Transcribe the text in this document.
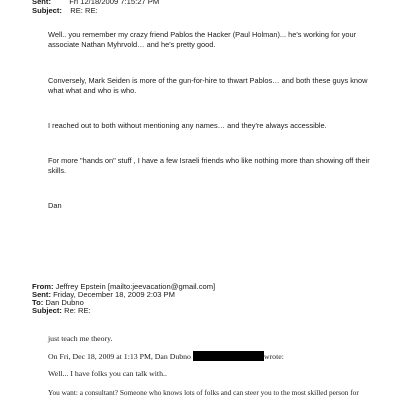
Sent: Fri 12/18/2009 7:15:27 PM
Subject: RE: RE:
Well.. you remember my crazy friend Pablos the Hacker (Paul Holman)... he's working for your associate Nathan Myhrvold… and he's pretty good.
Conversely, Mark Seiden is more of the gun-for-hire to thwart Pablos… and both these guys know what what and who is who.
I reached out to both without mentioning any names… and they're always accessible.
For more "hands on" stuff , I have a few Israeli friends who like nothing more than showing off their skills.
Dan
From: Jeffrey Epstein [mailto:jeevacation@gmail.com]
Sent: Friday, December 18, 2009 2:03 PM
To: Dan Dubno
Subject: Re: RE:
just teach me theory.
On Fri, Dec 18, 2009 at 1:13 PM, Dan Dubno	wrote:
Well... I have folks you can talk with..
You want: a consultant? Someone who knows lots of folks and can steer you to the most skilled person for
